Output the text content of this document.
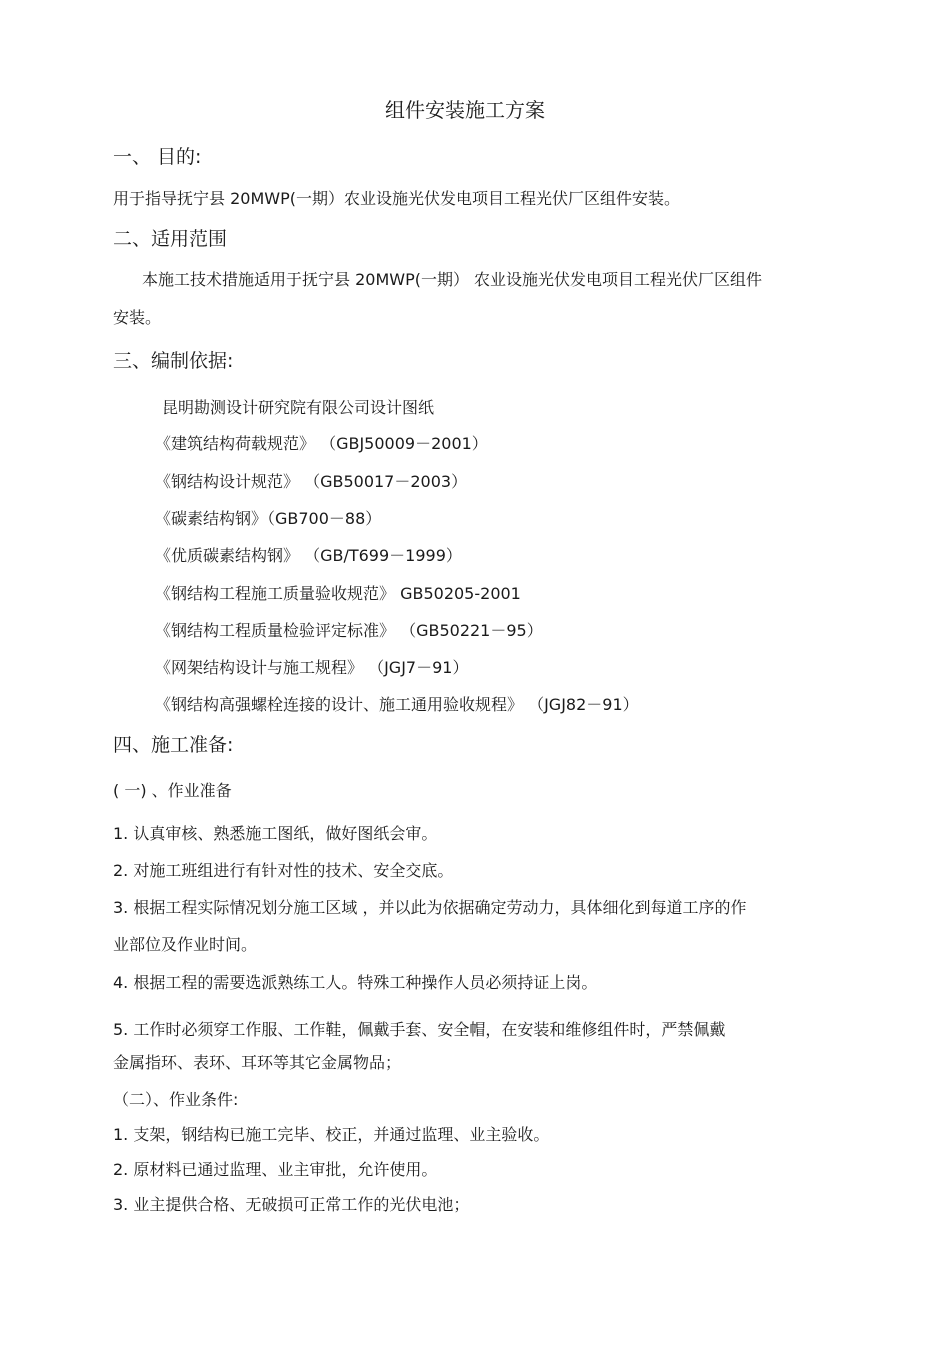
组件安装施工方案
一、 目的:
用于指导抚宁县 20MWP(一期）农业设施光伏发电项目工程光伏厂区组件安装。
二、适用范围
本施工技术措施适用于抚宁县 20MWP(一期） 农业设施光伏发电项目工程光伏厂区组件
安装。
三、编制依据:
昆明勘测设计研究院有限公司设计图纸
《建筑结构荷载规范》 （GBJ50009－2001）
《钢结构设计规范》 （GB50017－2003）
《碳素结构钢》（GB700－88）
《优质碳素结构钢》 （GB/T699－1999）
《钢结构工程施工质量验收规范》 GB50205-2001
《钢结构工程质量检验评定标准》 （GB50221－95）
《网架结构设计与施工规程》 （JGJ7－91）
《钢结构高强螺栓连接的设计、施工通用验收规程》 （JGJ82－91）
四、施工准备:
( 一) 、作业准备
1. 认真审核、熟悉施工图纸，做好图纸会审。
2. 对施工班组进行有针对性的技术、安全交底。
3. 根据工程实际情况划分施工区域 ，并以此为依据确定劳动力，具体细化到每道工序的作
业部位及作业时间。
4. 根据工程的需要选派熟练工人。特殊工种操作人员必须持证上岗。
5. 工作时必须穿工作服、工作鞋，佩戴手套、安全帽，在安装和维修组件时，严禁佩戴
金属指环、表环、耳环等其它金属物品；
（二）、作业条件:
1. 支架，钢结构已施工完毕、校正，并通过监理、业主验收。
2. 原材料已通过监理、业主审批，允许使用。
3. 业主提供合格、无破损可正常工作的光伏电池；
